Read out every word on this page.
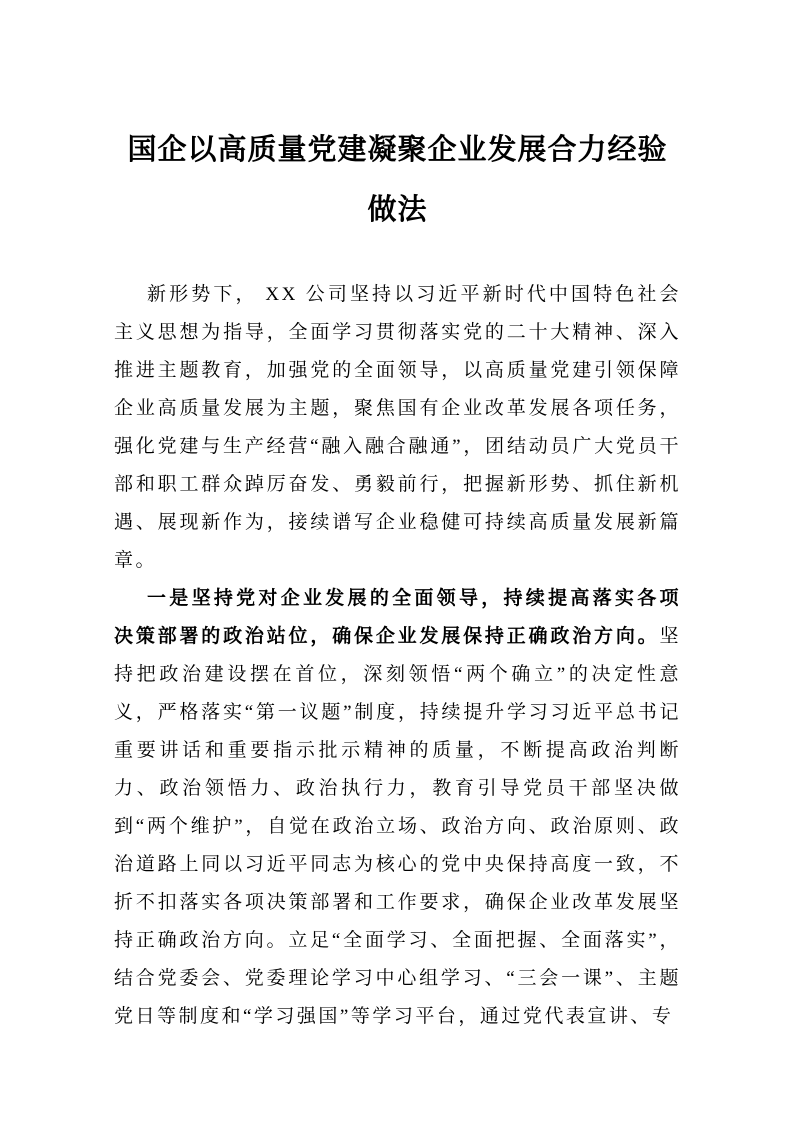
国企以高质量党建凝聚企业发展合力经验做法

新形势下， XX 公司坚持以习近平新时代中国特色社会主义思想为指导，全面学习贯彻落实党的二十大精神、深入推进主题教育，加强党的全面领导，以高质量党建引领保障企业高质量发展为主题，聚焦国有企业改革发展各项任务，强化党建与生产经营“融入融合融通”，团结动员广大党员干部和职工群众踔厉奋发、勇毅前行，把握新形势、抓住新机遇、展现新作为，接续谱写企业稳健可持续高质量发展新篇章。

一是坚持党对企业发展的全面领导，持续提高落实各项决策部署的政治站位，确保企业发展保持正确政治方向。坚持把政治建设摆在首位，深刻领悟“两个确立”的决定性意义，严格落实“第一议题”制度，持续提升学习习近平总书记重要讲话和重要指示批示精神的质量，不断提高政治判断力、政治领悟力、政治执行力，教育引导党员干部坚决做到“两个维护”，自觉在政治立场、政治方向、政治原则、政治道路上同以习近平同志为核心的党中央保持高度一致，不折不扣落实各项决策部署和工作要求，确保企业改革发展坚持正确政治方向。立足“全面学习、全面把握、全面落实”，结合党委会、党委理论学习中心组学习、“三会一课”、主题党日等制度和“学习强国”等学习平台，通过党代表宣讲、专
